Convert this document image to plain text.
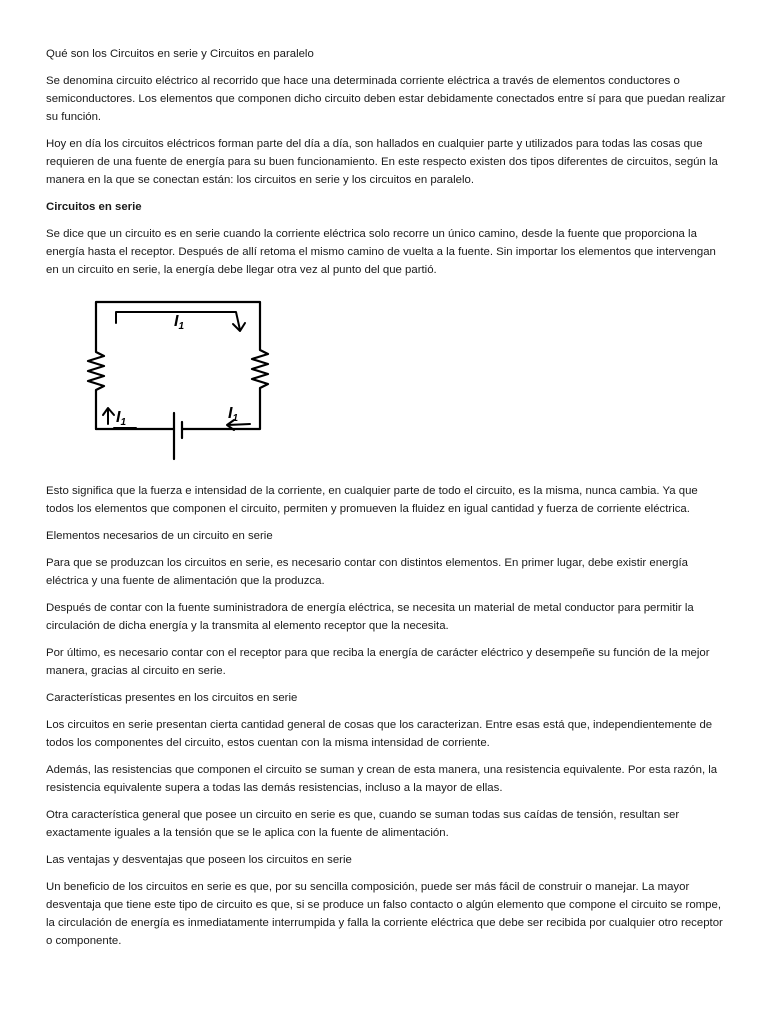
Qué son los Circuitos en serie y Circuitos en paralelo

Se denomina circuito eléctrico al recorrido que hace una determinada corriente eléctrica a través de elementos conductores o semiconductores. Los elementos que componen dicho circuito deben estar debidamente conectados entre sí para que puedan realizar su función.

Hoy en día los circuitos eléctricos forman parte del día a día, son hallados en cualquier parte y utilizados para todas las cosas que requieren de una fuente de energía para su buen funcionamiento. En este respecto existen dos tipos diferentes de circuitos, según la manera en la que se conectan están: los circuitos en serie y los circuitos en paralelo.

Circuitos en serie

Se dice que un circuito es en serie cuando la corriente eléctrica solo recorre un único camino, desde la fuente que proporciona la energía hasta el receptor. Después de allí retoma el mismo camino de vuelta a la fuente. Sin importar los elementos que intervengan en un circuito en serie, la energía debe llegar otra vez al punto del que partió.

I1
I1
I1

Esto significa que la fuerza e intensidad de la corriente, en cualquier parte de todo el circuito, es la misma, nunca cambia. Ya que todos los elementos que componen el circuito, permiten y promueven la fluidez en igual cantidad y fuerza de corriente eléctrica.

Elementos necesarios de un circuito en serie

Para que se produzcan los circuitos en serie, es necesario contar con distintos elementos. En primer lugar, debe existir energía eléctrica y una fuente de alimentación que la produzca.

Después de contar con la fuente suministradora de energía eléctrica, se necesita un material de metal conductor para permitir la circulación de dicha energía y la transmita al elemento receptor que la necesita.

Por último, es necesario contar con el receptor para que reciba la energía de carácter eléctrico y desempeñe su función de la mejor manera, gracias al circuito en serie.

Características presentes en los circuitos en serie

Los circuitos en serie presentan cierta cantidad general de cosas que los caracterizan. Entre esas está que, independientemente de todos los componentes del circuito, estos cuentan con la misma intensidad de corriente.

Además, las resistencias que componen el circuito se suman y crean de esta manera, una resistencia equivalente. Por esta razón, la resistencia equivalente supera a todas las demás resistencias, incluso a la mayor de ellas.

Otra característica general que posee un circuito en serie es que, cuando se suman todas sus caídas de tensión, resultan ser exactamente iguales a la tensión que se le aplica con la fuente de alimentación.

Las ventajas y desventajas que poseen los circuitos en serie

Un beneficio de los circuitos en serie es que, por su sencilla composición, puede ser más fácil de construir o manejar. La mayor desventaja que tiene este tipo de circuito es que, si se produce un falso contacto o algún elemento que compone el circuito se rompe, la circulación de energía es inmediatamente interrumpida y falla la corriente eléctrica que debe ser recibida por cualquier otro receptor o componente.
